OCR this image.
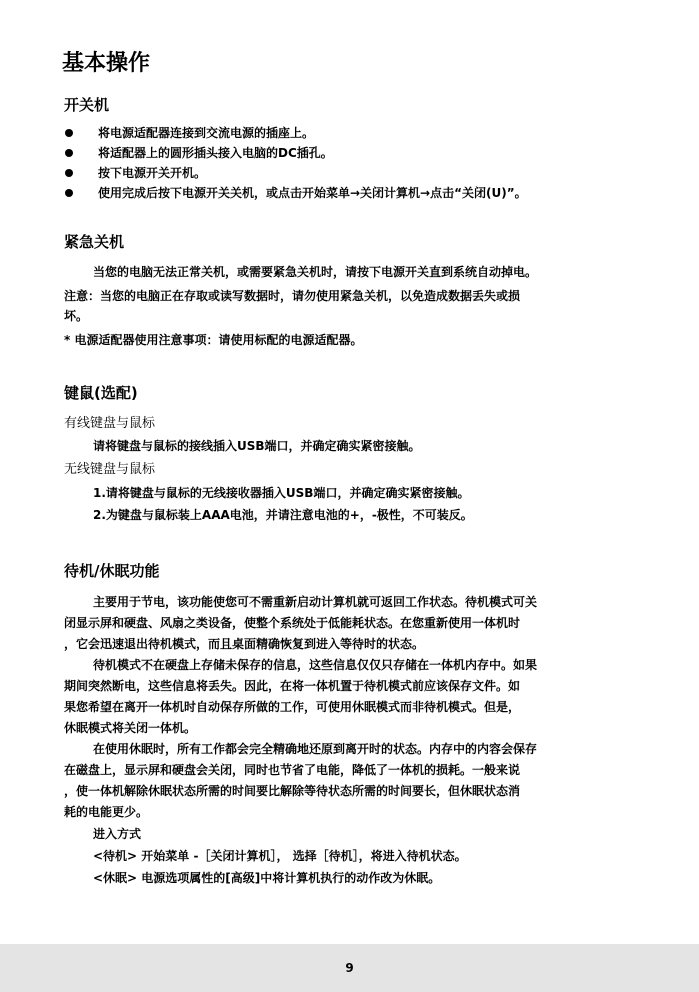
基本操作
开关机
将电源适配器连接到交流电源的插座上。
将适配器上的圆形插头接入电脑的DC插孔。
按下电源开关开机。
使用完成后按下电源开关关机，或点击开始菜单→关闭计算机→点击“关闭(U)”。
紧急关机

当您的电脑无法正常关机，或需要紧急关机时，请按下电源开关直到系统自动掉电。

注意：当您的电脑正在存取或读写数据时，请勿使用紧急关机，以免造成数据丢失或损

坏。

* 电源适配器使用注意事项：请使用标配的电源适配器。

键鼠(选配)

有线键盘与鼠标

请将键盘与鼠标的接线插入USB端口，并确定确实紧密接触。

无线键盘与鼠标

1.请将键盘与鼠标的无线接收器插入USB端口，并确定确实紧密接触。

2.为键盘与鼠标装上AAA电池，并请注意电池的+，-极性，不可装反。

待机/休眠功能

主要用于节电，该功能使您可不需重新启动计算机就可返回工作状态。待机模式可关

闭显示屏和硬盘、风扇之类设备，使整个系统处于低能耗状态。在您重新使用一体机时

，它会迅速退出待机模式，而且桌面精确恢复到进入等待时的状态。

待机模式不在硬盘上存储未保存的信息，这些信息仅仅只存储在一体机内存中。如果

期间突然断电，这些信息将丢失。因此，在将一体机置于待机模式前应该保存文件。如

果您希望在离开一体机时自动保存所做的工作，可使用休眠模式而非待机模式。但是，

休眠模式将关闭一体机。

在使用休眠时，所有工作都会完全精确地还原到离开时的状态。内存中的内容会保存

在磁盘上，显示屏和硬盘会关闭，同时也节省了电能，降低了一体机的损耗。一般来说

，使一体机解除休眠状态所需的时间要比解除等待状态所需的时间要长，但休眠状态消

耗的电能更少。

进入方式

<待机> 开始菜单 -［关闭计算机］， 选择［待机］，将进入待机状态。

<休眠> 电源选项属性的[高级]中将计算机执行的动作改为休眠。

9
